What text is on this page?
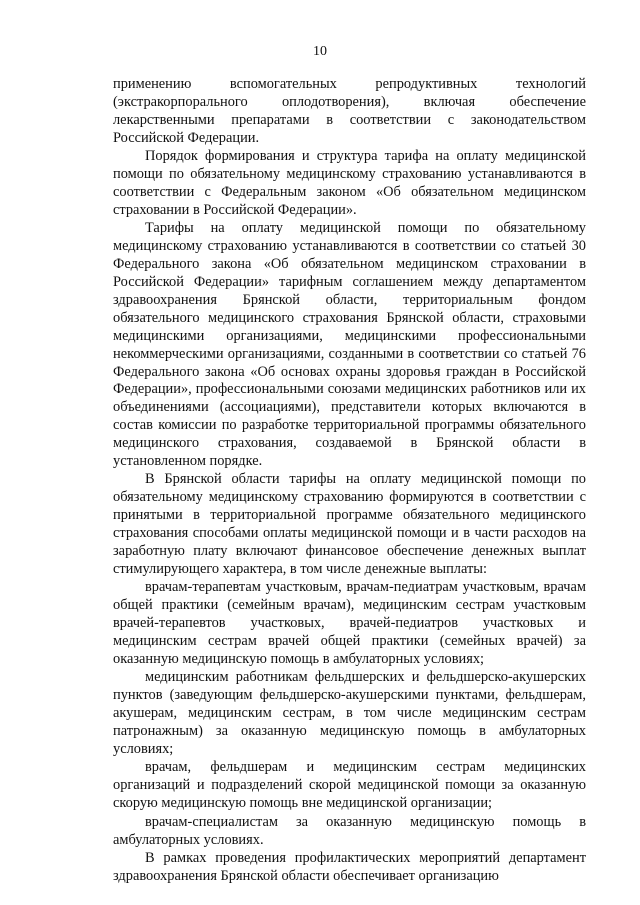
10

применению вспомогательных репродуктивных технологий (экстракорпорального оплодотворения), включая обеспечение лекарственными препаратами в соответствии с законодательством Российской Федерации.

Порядок формирования и структура тарифа на оплату медицинской помощи по обязательному медицинскому страхованию устанавливаются в соответствии с Федеральным законом «Об обязательном медицинском страховании в Российской Федерации».

Тарифы на оплату медицинской помощи по обязательному медицинскому страхованию устанавливаются в соответствии со статьей 30 Федерального закона «Об обязательном медицинском страховании в Российской Федерации» тарифным соглашением между департаментом здравоохранения Брянской области, территориальным фондом обязательного медицинского страхования Брянской области, страховыми медицинскими организациями, медицинскими профессиональными некоммерческими организациями, созданными в соответствии со статьей 76 Федерального закона «Об основах охраны здоровья граждан в Российской Федерации», профессиональными союзами медицинских работников или их объединениями (ассоциациями), представители которых включаются в состав комиссии по разработке территориальной программы обязательного медицинского страхования, создаваемой в Брянской области в установленном порядке.

В Брянской области тарифы на оплату медицинской помощи по обязательному медицинскому страхованию формируются в соответствии с принятыми в территориальной программе обязательного медицинского страхования способами оплаты медицинской помощи и в части расходов на заработную плату включают финансовое обеспечение денежных выплат стимулирующего характера, в том числе денежные выплаты:

врачам-терапевтам участковым, врачам-педиатрам участковым, врачам общей практики (семейным врачам), медицинским сестрам участковым врачей-терапевтов участковых, врачей-педиатров участковых и медицинским сестрам врачей общей практики (семейных врачей) за оказанную медицинскую помощь в амбулаторных условиях;

медицинским работникам фельдшерских и фельдшерско-акушерских пунктов (заведующим фельдшерско-акушерскими пунктами, фельдшерам, акушерам, медицинским сестрам, в том числе медицинским сестрам патронажным) за оказанную медицинскую помощь в амбулаторных условиях;

врачам, фельдшерам и медицинским сестрам медицинских организаций и подразделений скорой медицинской помощи за оказанную скорую медицинскую помощь вне медицинской организации;

врачам-специалистам за оказанную медицинскую помощь в амбулаторных условиях.

В рамках проведения профилактических мероприятий департамент здравоохранения Брянской области обеспечивает организацию
